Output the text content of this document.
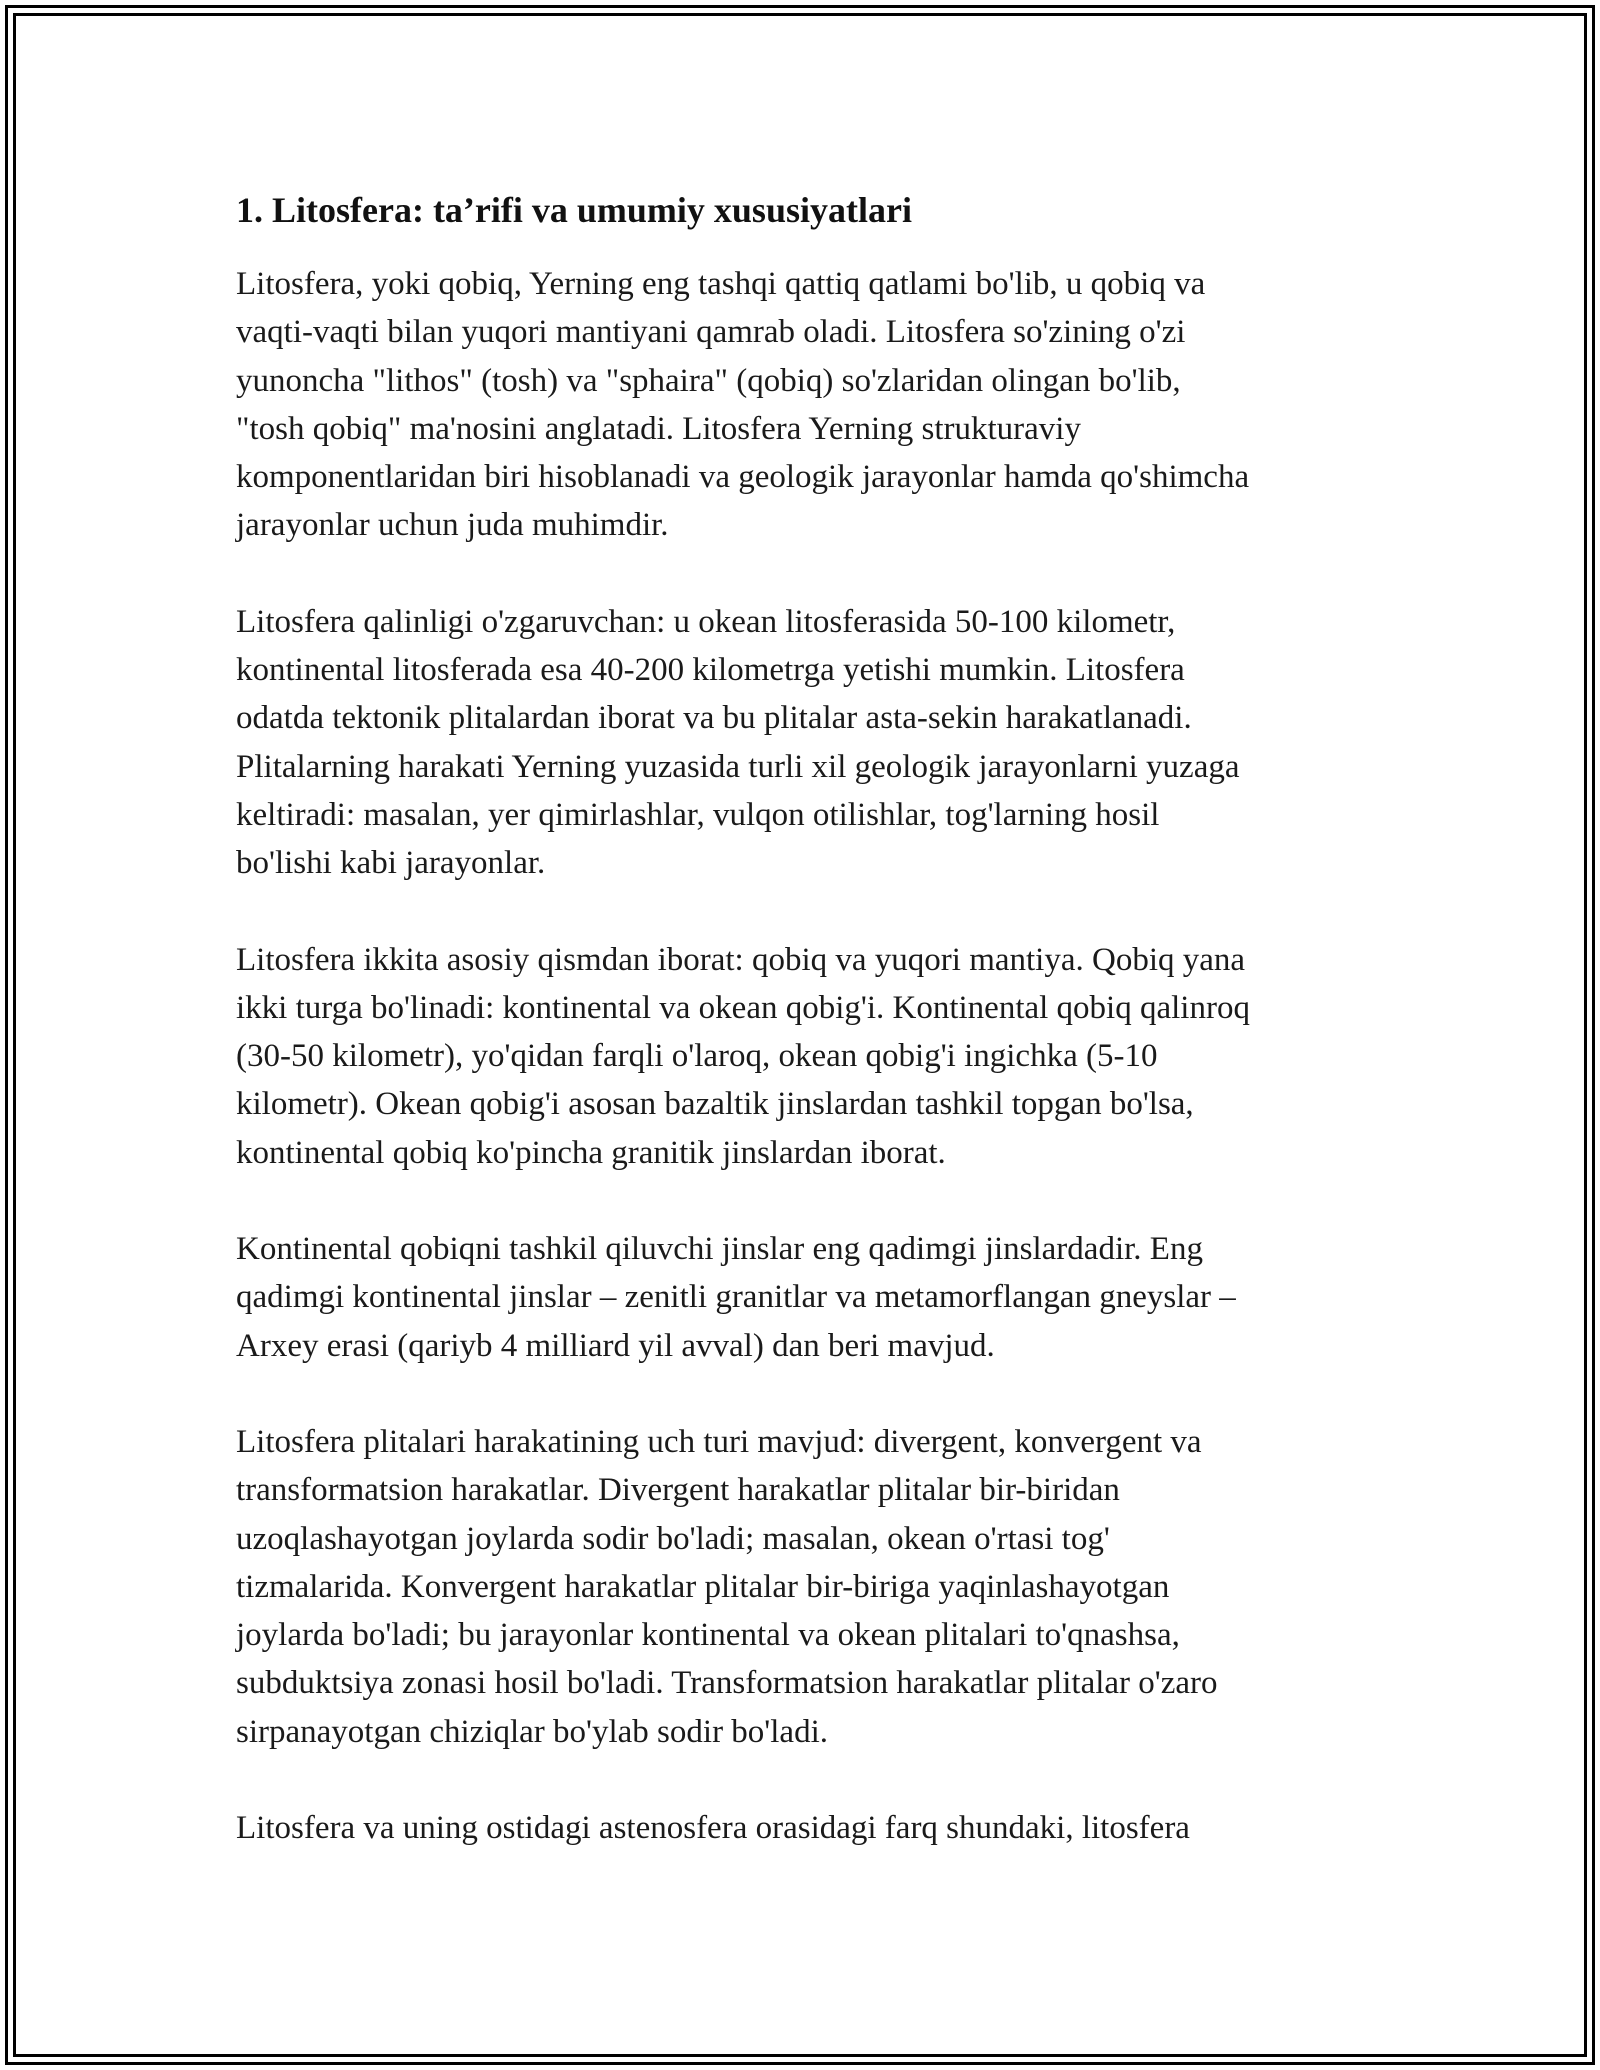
1. Litosfera: ta’rifi va umumiy xususiyatlari

Litosfera, yoki qobiq, Yerning eng tashqi qattiq qatlami bo'lib, u qobiq va
vaqti-vaqti bilan yuqori mantiyani qamrab oladi. Litosfera so'zining o'zi
yunoncha "lithos" (tosh) va "sphaira" (qobiq) so'zlaridan olingan bo'lib,
"tosh qobiq" ma'nosini anglatadi. Litosfera Yerning strukturaviy
komponentlaridan biri hisoblanadi va geologik jarayonlar hamda qo'shimcha
jarayonlar uchun juda muhimdir.

Litosfera qalinligi o'zgaruvchan: u okean litosferasida 50-100 kilometr,
kontinental litosferada esa 40-200 kilometrga yetishi mumkin. Litosfera
odatda tektonik plitalardan iborat va bu plitalar asta-sekin harakatlanadi.
Plitalarning harakati Yerning yuzasida turli xil geologik jarayonlarni yuzaga
keltiradi: masalan, yer qimirlashlar, vulqon otilishlar, tog'larning hosil
bo'lishi kabi jarayonlar.

Litosfera ikkita asosiy qismdan iborat: qobiq va yuqori mantiya. Qobiq yana
ikki turga bo'linadi: kontinental va okean qobig'i. Kontinental qobiq qalinroq
(30-50 kilometr), yo'qidan farqli o'laroq, okean qobig'i ingichka (5-10
kilometr). Okean qobig'i asosan bazaltik jinslardan tashkil topgan bo'lsa,
kontinental qobiq ko'pincha granitik jinslardan iborat.

Kontinental qobiqni tashkil qiluvchi jinslar eng qadimgi jinslardadir. Eng
qadimgi kontinental jinslar – zenitli granitlar va metamorflangan gneyslar –
Arxey erasi (qariyb 4 milliard yil avval) dan beri mavjud.

Litosfera plitalari harakatining uch turi mavjud: divergent, konvergent va
transformatsion harakatlar. Divergent harakatlar plitalar bir-biridan
uzoqlashayotgan joylarda sodir bo'ladi; masalan, okean o'rtasi tog'
tizmalarida. Konvergent harakatlar plitalar bir-biriga yaqinlashayotgan
joylarda bo'ladi; bu jarayonlar kontinental va okean plitalari to'qnashsa,
subduktsiya zonasi hosil bo'ladi. Transformatsion harakatlar plitalar o'zaro
sirpanayotgan chiziqlar bo'ylab sodir bo'ladi.

Litosfera va uning ostidagi astenosfera orasidagi farq shundaki, litosfera
